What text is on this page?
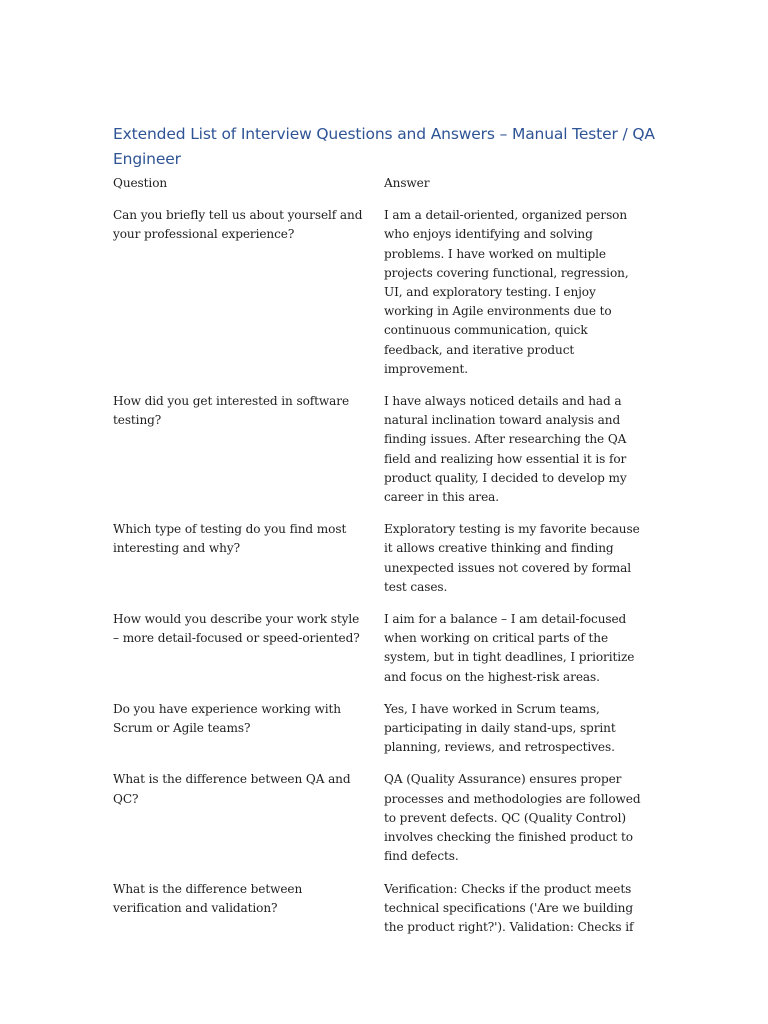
Extended List of Interview Questions and Answers – Manual Tester / QA Engineer

Question	Answer

Can you briefly tell us about yourself and your professional experience?

I am a detail-oriented, organized person who enjoys identifying and solving problems. I have worked on multiple projects covering functional, regression, UI, and exploratory testing. I enjoy working in Agile environments due to continuous communication, quick feedback, and iterative product improvement.

How did you get interested in software testing?

I have always noticed details and had a natural inclination toward analysis and finding issues. After researching the QA field and realizing how essential it is for product quality, I decided to develop my career in this area.

Which type of testing do you find most interesting and why?

Exploratory testing is my favorite because it allows creative thinking and finding unexpected issues not covered by formal test cases.

How would you describe your work style – more detail-focused or speed-oriented?

I aim for a balance – I am detail-focused when working on critical parts of the system, but in tight deadlines, I prioritize and focus on the highest-risk areas.

Do you have experience working with Scrum or Agile teams?

Yes, I have worked in Scrum teams, participating in daily stand-ups, sprint planning, reviews, and retrospectives.

What is the difference between QA and QC?

QA (Quality Assurance) ensures proper processes and methodologies are followed to prevent defects. QC (Quality Control) involves checking the finished product to find defects.

What is the difference between verification and validation?

Verification: Checks if the product meets technical specifications ('Are we building the product right?'). Validation: Checks if
